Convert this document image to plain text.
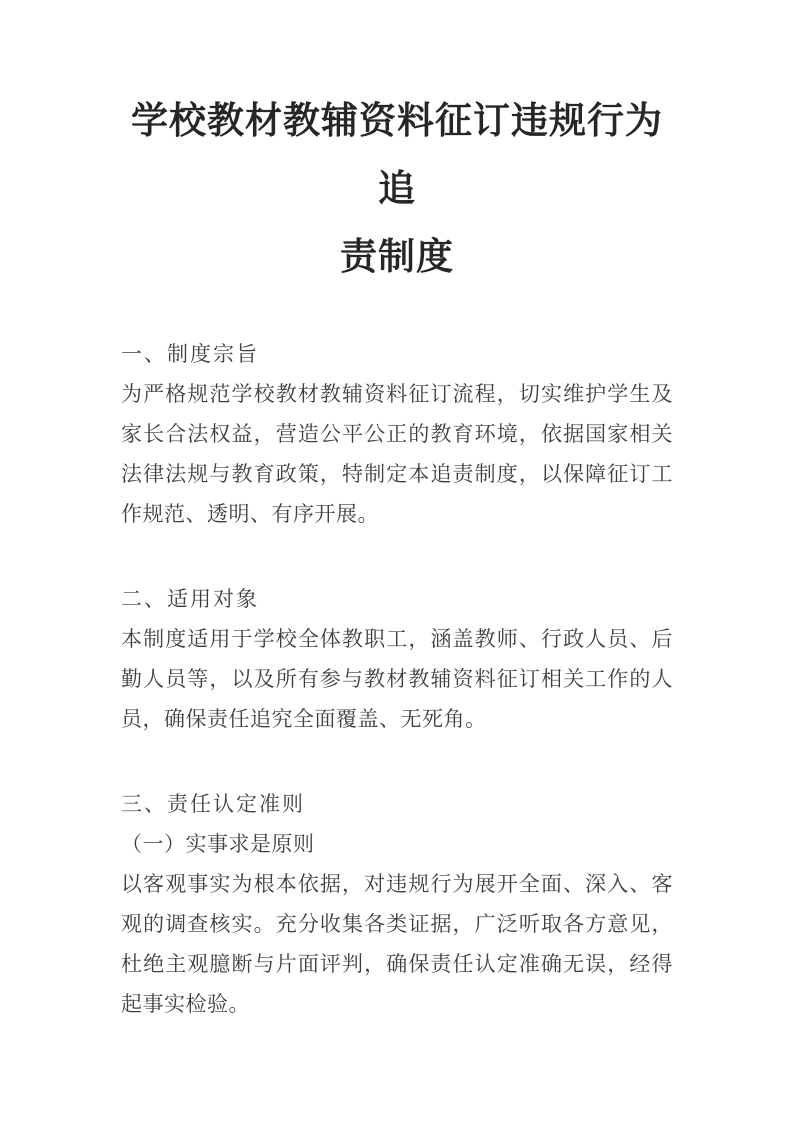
学校教材教辅资料征订违规行为追
责制度
一、制度宗旨

为严格规范学校教材教辅资料征订流程，切实维护学生及家长合法权益，营造公平公正的教育环境，依据国家相关法律法规与教育政策，特制定本追责制度，以保障征订工作规范、透明、有序开展。

二、适用对象

本制度适用于学校全体教职工，涵盖教师、行政人员、后勤人员等，以及所有参与教材教辅资料征订相关工作的人员，确保责任追究全面覆盖、无死角。

三、责任认定准则
（一）实事求是原则

以客观事实为根本依据，对违规行为展开全面、深入、客观的调查核实。充分收集各类证据，广泛听取各方意见，杜绝主观臆断与片面评判，确保责任认定准确无误，经得起事实检验。
